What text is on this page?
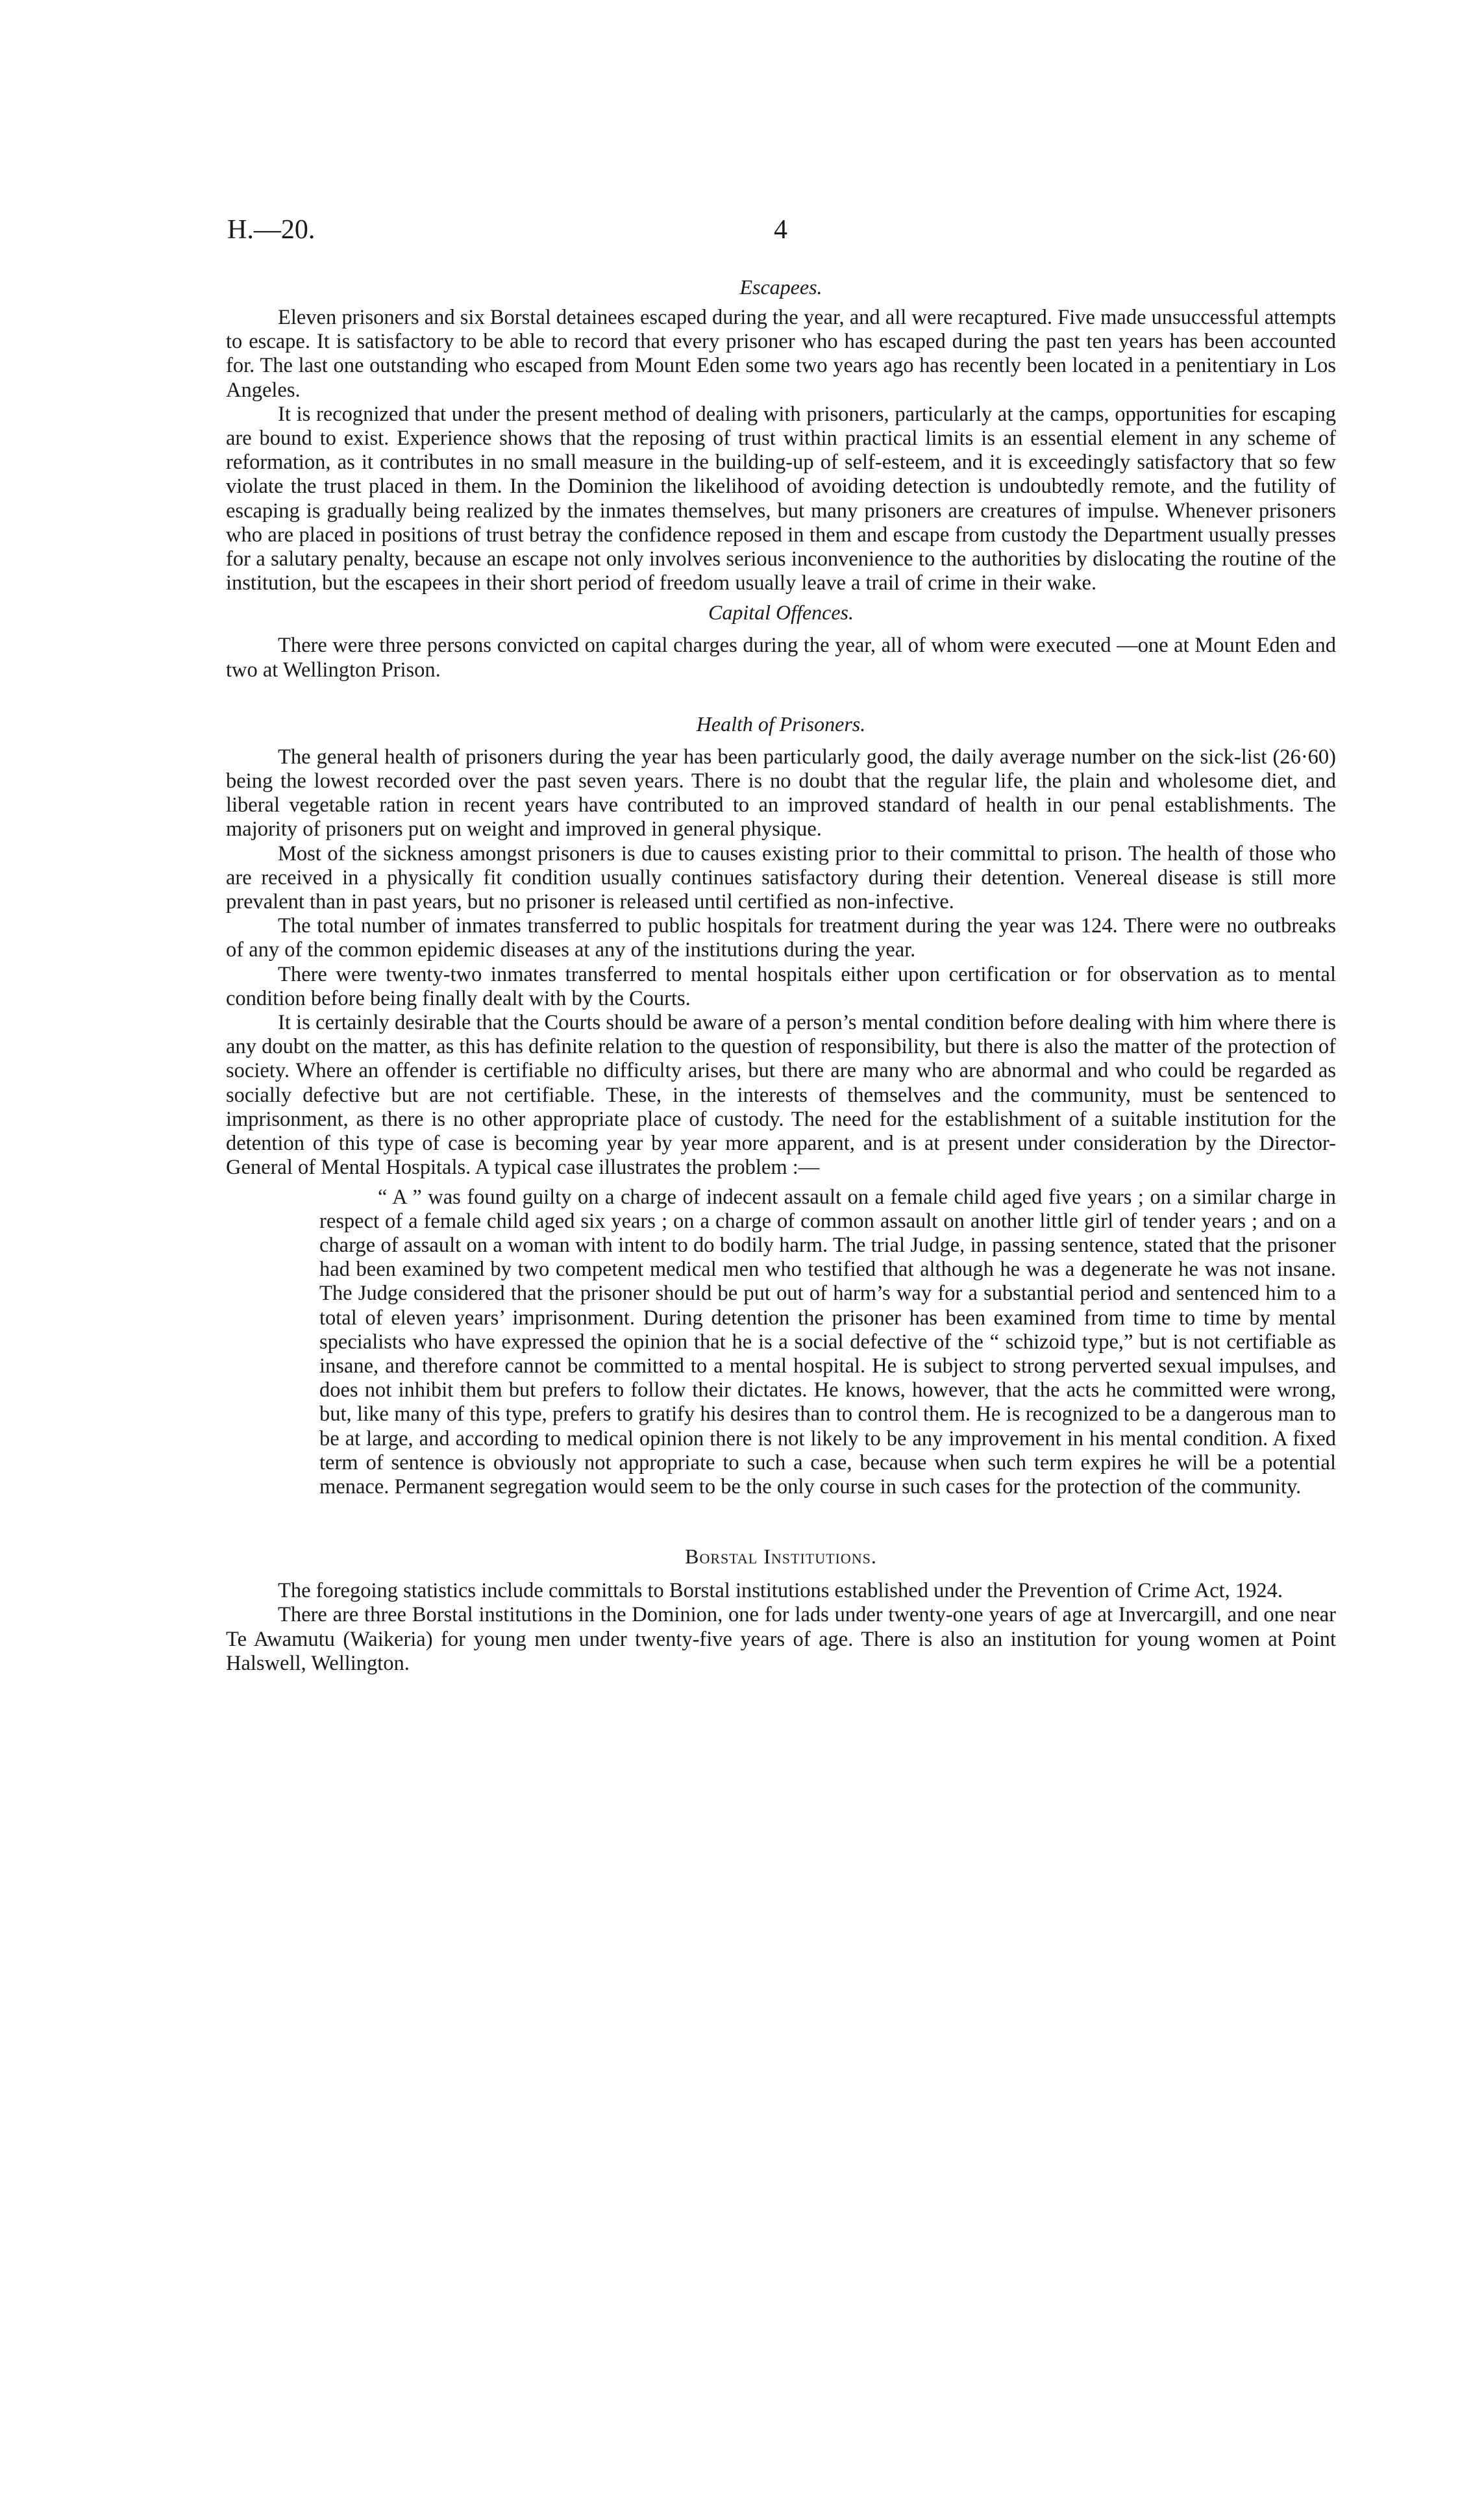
H.—20.	4
Escapees.

Eleven prisoners and six Borstal detainees escaped during the year, and all were recaptured. Five made unsuccessful attempts to escape. It is satisfactory to be able to record that every prisoner who has escaped during the past ten years has been accounted for. The last one outstanding who escaped from Mount Eden some two years ago has recently been located in a penitentiary in Los Angeles.

It is recognized that under the present method of dealing with prisoners, particularly at the camps, opportunities for escaping are bound to exist. Experience shows that the reposing of trust within practical limits is an essential element in any scheme of reformation, as it contributes in no small measure in the building-up of self-esteem, and it is exceedingly satisfactory that so few violate the trust placed in them. In the Dominion the likelihood of avoiding detection is undoubtedly remote, and the futility of escaping is gradually being realized by the inmates themselves, but many prisoners are creatures of impulse. Whenever prisoners who are placed in positions of trust betray the confidence reposed in them and escape from custody the Department usually presses for a salutary penalty, because an escape not only involves serious inconvenience to the authorities by dislocating the routine of the institution, but the escapees in their short period of freedom usually leave a trail of crime in their wake.

Capital Offences.

There were three persons convicted on capital charges during the year, all of whom were executed —one at Mount Eden and two at Wellington Prison.

Health of Prisoners.

The general health of prisoners during the year has been particularly good, the daily average number on the sick-list (26·60) being the lowest recorded over the past seven years. There is no doubt that the regular life, the plain and wholesome diet, and liberal vegetable ration in recent years have contributed to an improved standard of health in our penal establishments. The majority of prisoners put on weight and improved in general physique.

Most of the sickness amongst prisoners is due to causes existing prior to their committal to prison. The health of those who are received in a physically fit condition usually continues satisfactory during their detention. Venereal disease is still more prevalent than in past years, but no prisoner is released until certified as non-infective.

The total number of inmates transferred to public hospitals for treatment during the year was 124. There were no outbreaks of any of the common epidemic diseases at any of the institutions during the year.

There were twenty-two inmates transferred to mental hospitals either upon certification or for observation as to mental condition before being finally dealt with by the Courts.

It is certainly desirable that the Courts should be aware of a person’s mental condition before dealing with him where there is any doubt on the matter, as this has definite relation to the question of responsibility, but there is also the matter of the protection of society. Where an offender is certifiable no difficulty arises, but there are many who are abnormal and who could be regarded as socially defective but are not certifiable. These, in the interests of themselves and the community, must be sentenced to imprisonment, as there is no other appropriate place of custody. The need for the establishment of a suitable institution for the detention of this type of case is becoming year by year more apparent, and is at present under consideration by the Director-General of Mental Hospitals. A typical case illustrates the problem :—

“ A ” was found guilty on a charge of indecent assault on a female child aged five years ; on a similar charge in respect of a female child aged six years ; on a charge of common assault on another little girl of tender years ; and on a charge of assault on a woman with intent to do bodily harm. The trial Judge, in passing sentence, stated that the prisoner had been examined by two competent medical men who testified that although he was a degenerate he was not insane. The Judge considered that the prisoner should be put out of harm’s way for a substantial period and sentenced him to a total of eleven years’ imprisonment. During detention the prisoner has been examined from time to time by mental specialists who have expressed the opinion that he is a social defective of the “ schizoid type,” but is not certifiable as insane, and therefore cannot be committed to a mental hospital. He is subject to strong perverted sexual impulses, and does not inhibit them but prefers to follow their dictates. He knows, however, that the acts he committed were wrong, but, like many of this type, prefers to gratify his desires than to control them. He is recognized to be a dangerous man to be at large, and according to medical opinion there is not likely to be any improvement in his mental condition. A fixed term of sentence is obviously not appropriate to such a case, because when such term expires he will be a potential menace. Permanent segregation would seem to be the only course in such cases for the protection of the community.

Borstal Institutions.

The foregoing statistics include committals to Borstal institutions established under the Prevention of Crime Act, 1924.

There are three Borstal institutions in the Dominion, one for lads under twenty-one years of age at Invercargill, and one near Te Awamutu (Waikeria) for young men under twenty-five years of age. There is also an institution for young women at Point Halswell, Wellington.
